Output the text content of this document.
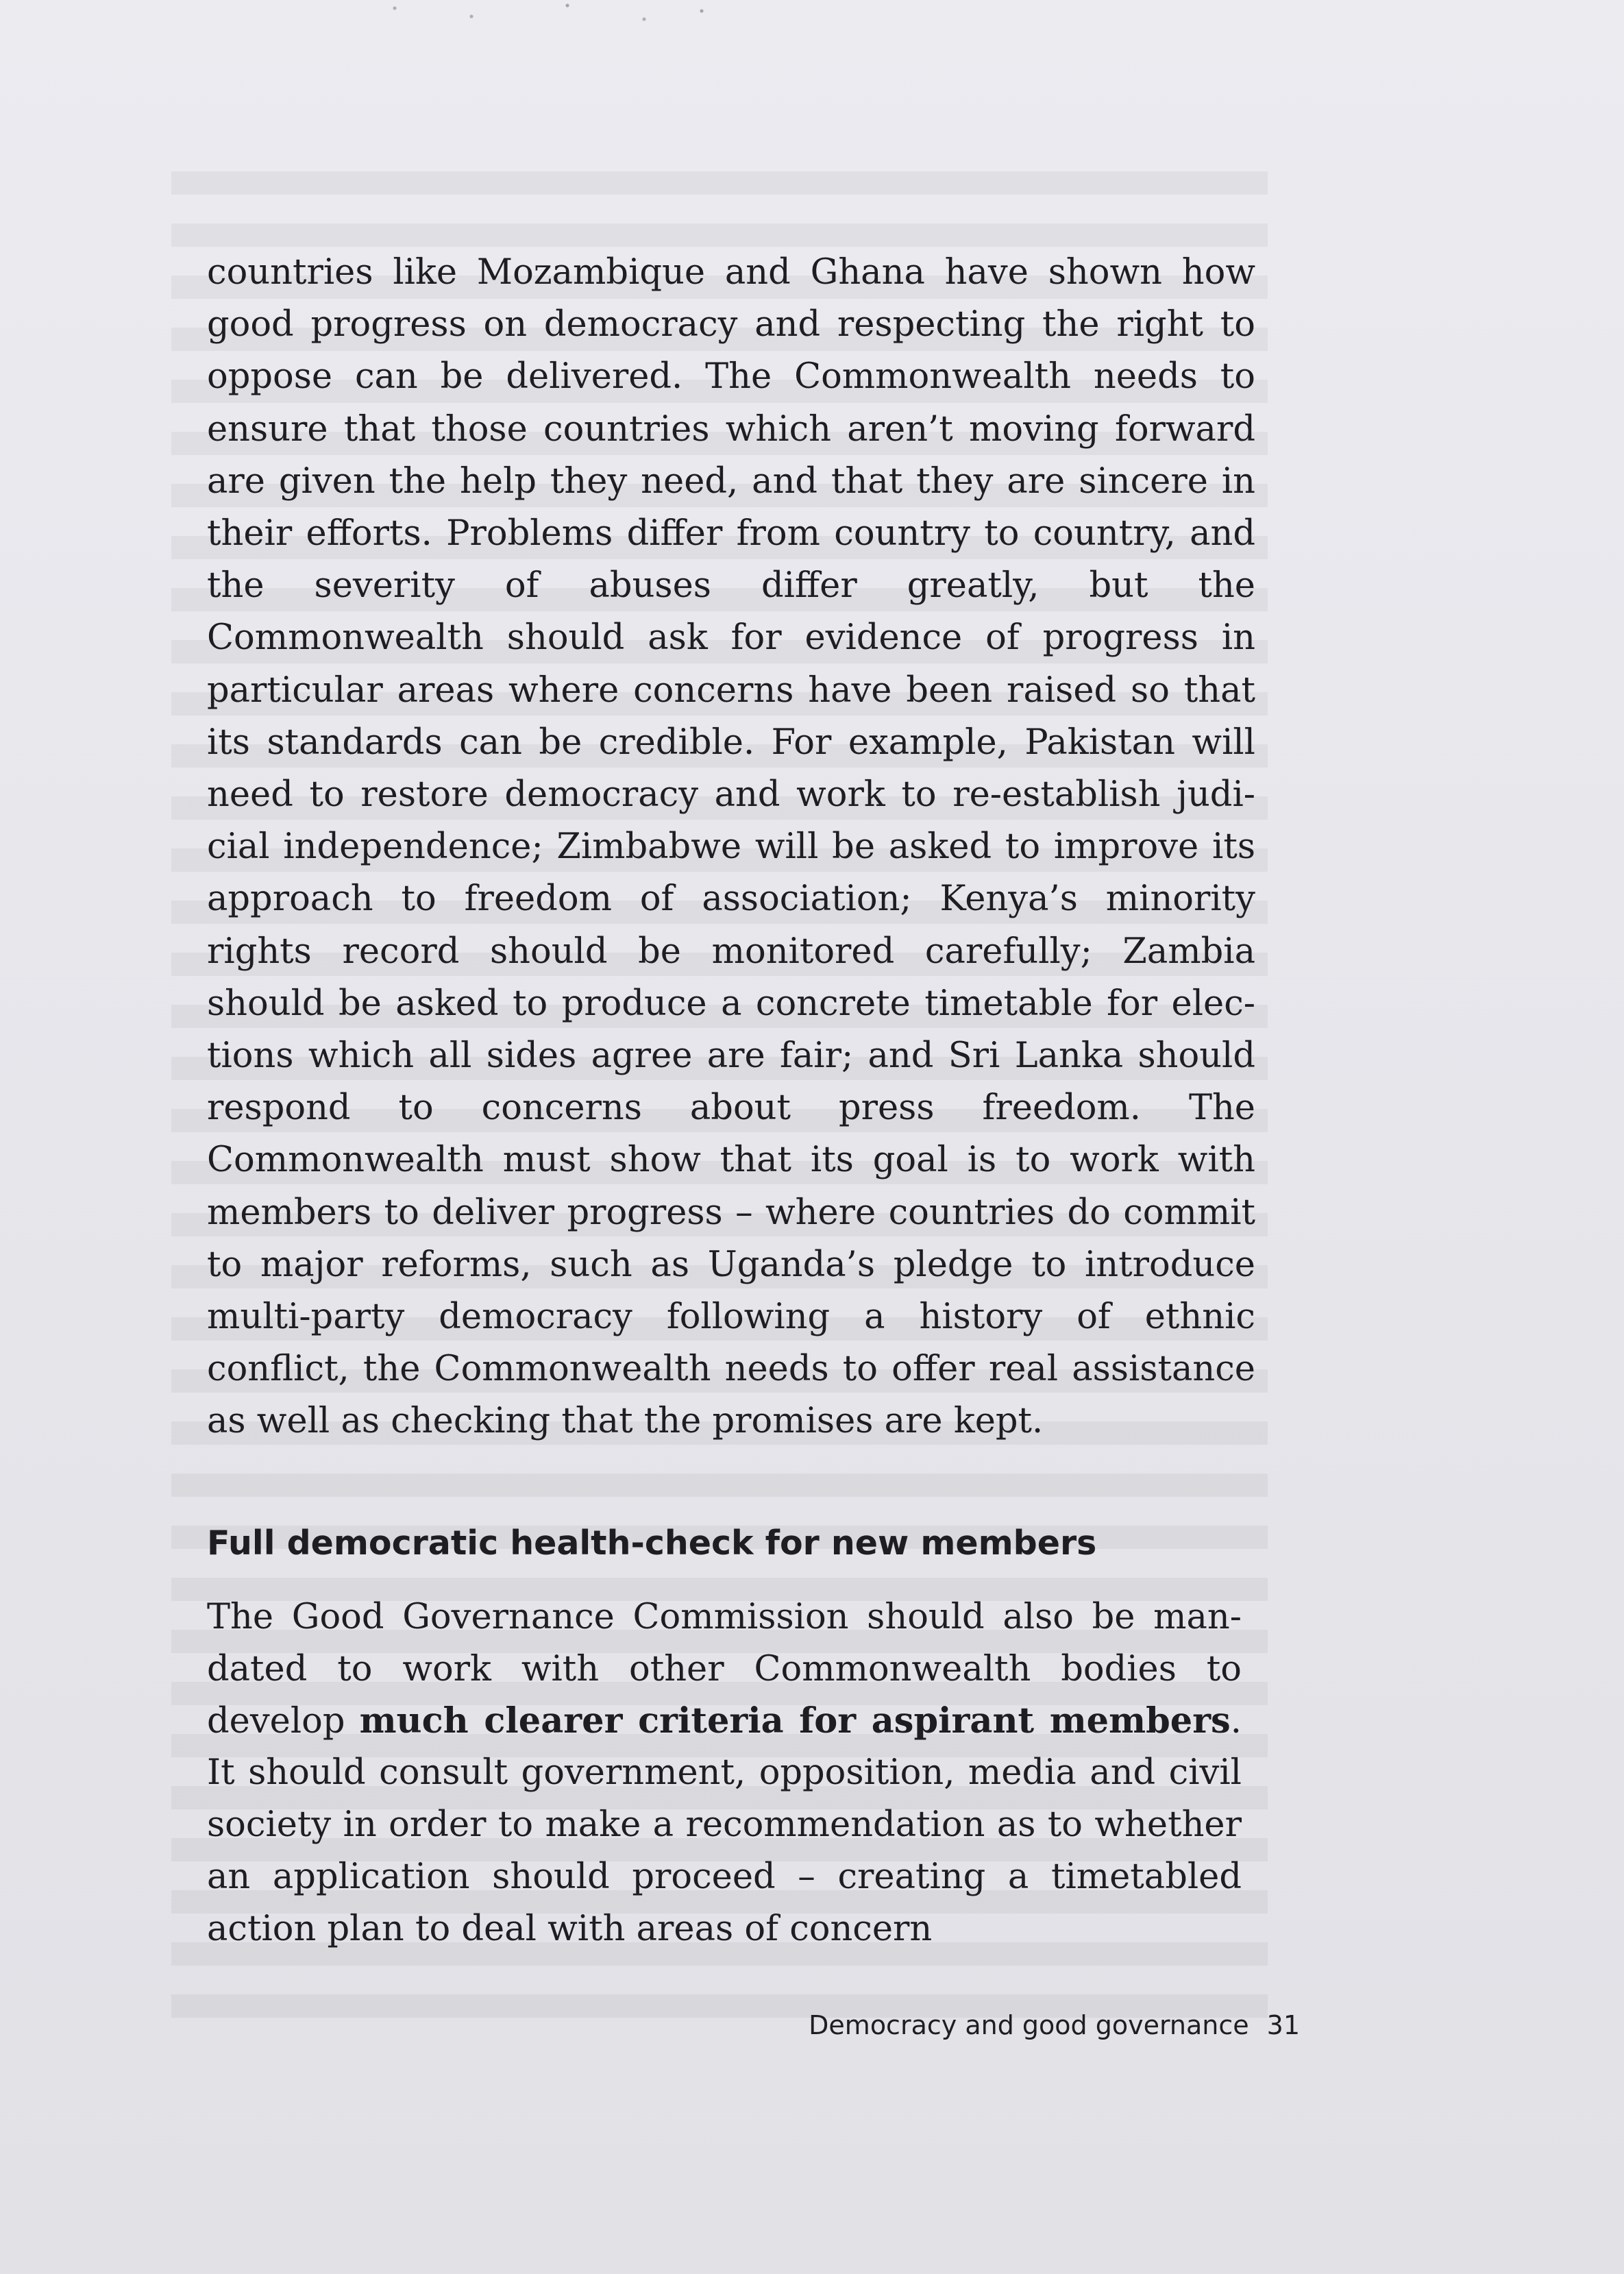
countries like Mozambique and Ghana have shown how good progress on democracy and respecting the right to oppose can be delivered. The Commonwealth needs to ensure that those countries which aren’t moving forward are given the help they need, and that they are sincere in their efforts. Problems differ from country to country, and the severity of abuses differ greatly, but the Commonwealth should ask for evidence of progress in particular areas where concerns have been raised so that its standards can be credible. For example, Pakistan will need to restore democracy and work to re-establish judicial independence; Zimbabwe will be asked to improve its approach to freedom of association; Kenya’s minority rights record should be monitored carefully; Zambia should be asked to produce a concrete timetable for elections which all sides agree are fair; and Sri Lanka should respond to concerns about press freedom. The Commonwealth must show that its goal is to work with members to deliver progress – where countries do commit to major reforms, such as Uganda’s pledge to introduce multi-party democracy following a history of ethnic conflict, the Commonwealth needs to offer real assistance as well as checking that the promises are kept.

Full democratic health-check for new members

The Good Governance Commission should also be mandated to work with other Commonwealth bodies to develop much clearer criteria for aspirant members. It should consult government, opposition, media and civil society in order to make a recommendation as to whether an application should proceed – creating a timetabled action plan to deal with areas of concern

Democracy and good governance 31
